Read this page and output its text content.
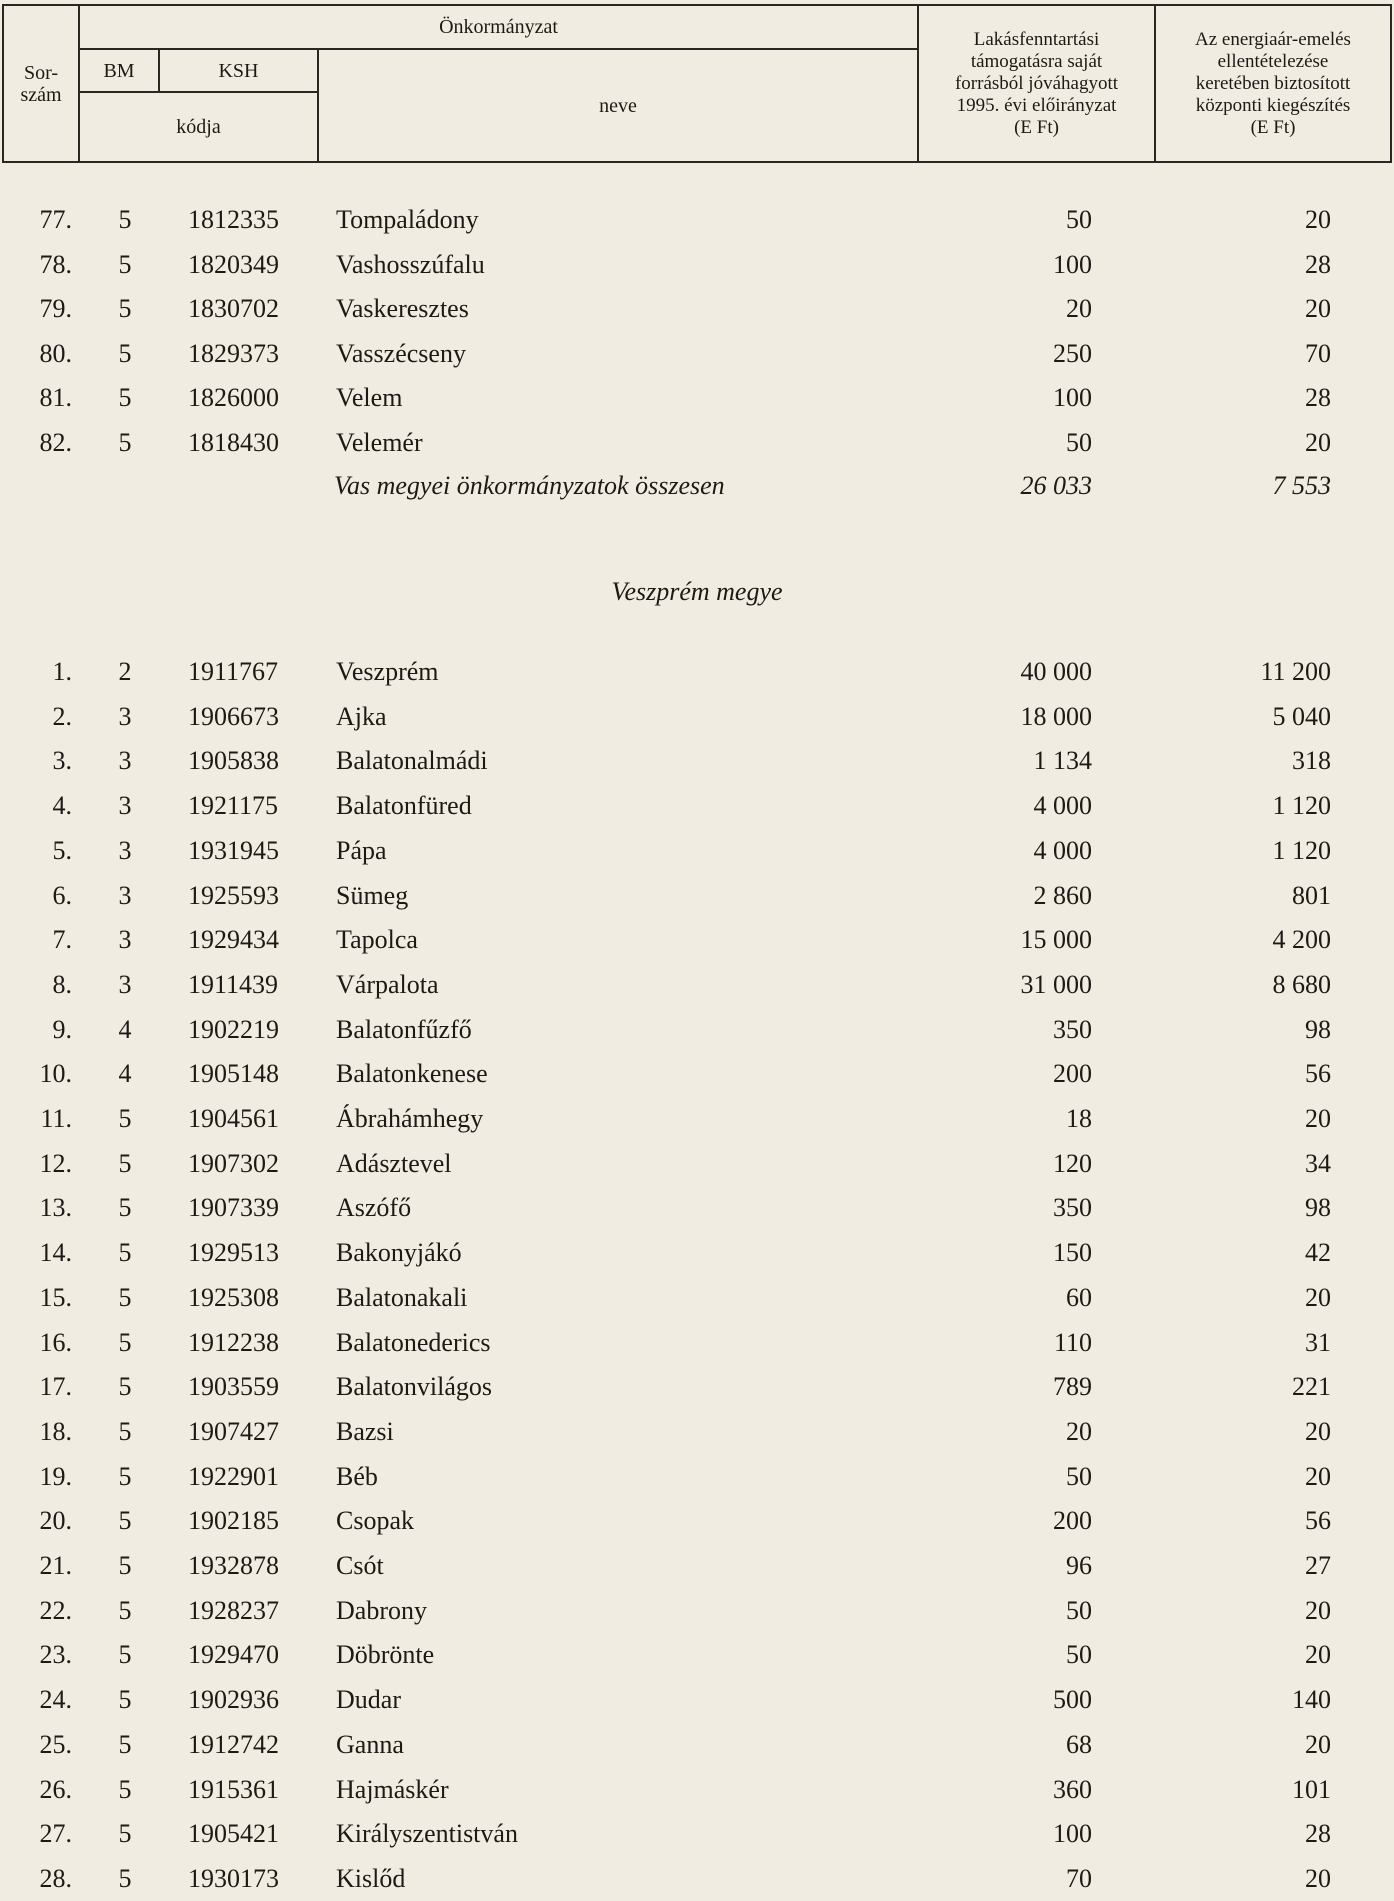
Önkormányzat
Sor-
szám
BM	KSH
kódja
neve
Lakásfenntartási
támogatásra saját
forrásból jóváhagyott
1995. évi előirányzat
(E Ft)
Az energiaár-emelés
ellentételezése
keretében biztosított
központi kiegészítés
(E Ft)
77.	5	1812335 Tompaládony	50	20
78.	5	1820349 Vashosszúfalu	100	28
79.	5	1830702 Vaskeresztes	20	20
80.	5	1829373 Vasszécseny	250	70
81.	5	1826000 Velem	100	28
82.	5	1818430 Velemér	50	20
Vas megyei önkormányzatok összesen	26 033	7 553
Veszprém megye
1.	2	1911767 Veszprém	40 000	11 200
2.	3	1906673 Ajka	18 000	5 040
3.	3	1905838 Balatonalmádi	1 134	318
4.	3	1921175 Balatonfüred	4 000	1 120
5.	3	1931945 Pápa	4 000	1 120
6.	3	1925593 Sümeg	2 860	801
7.	3	1929434 Tapolca	15 000	4 200
8.	3	1911439 Várpalota	31 000	8 680
9.	4	1902219 Balatonfűzfő	350	98
10.	4	1905148 Balatonkenese	200	56
11.	5	1904561 Ábrahámhegy	18	20
12.	5	1907302 Adásztevel	120	34
13.	5	1907339 Aszófő	350	98
14.	5	1929513 Bakonyjákó	150	42
15.	5	1925308 Balatonakali	60	20
16.	5	1912238 Balatonederics	110	31
17.	5	1903559 Balatonvilágos	789	221
18.	5	1907427 Bazsi	20	20
19.	5	1922901 Béb	50	20
20.	5	1902185 Csopak	200	56
21.	5	1932878 Csót	96	27
22.	5	1928237 Dabrony	50	20
23.	5	1929470 Döbrönte	50	20
24.	5	1902936 Dudar	500	140
25.	5	1912742 Ganna	68	20
26.	5	1915361 Hajmáskér	360	101
27.	5	1905421 Királyszentistván	100	28
28.	5	1930173 Kislőd	70	20
